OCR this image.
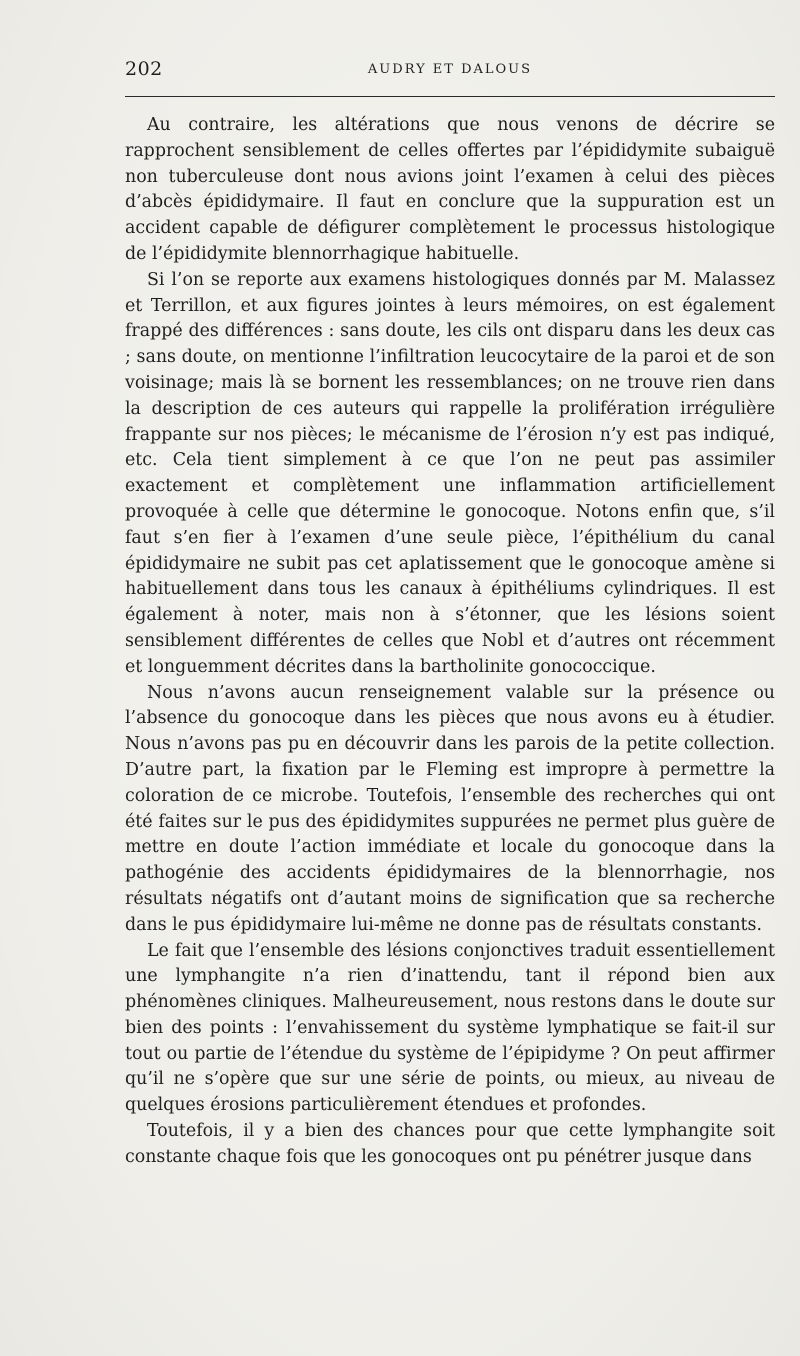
202	AUDRY ET DALOUS

Au contraire, les altérations que nous venons de décrire se rapprochent sensiblement de celles offertes par l’épididymite subaiguë non tuberculeuse dont nous avions joint l’examen à celui des pièces d’abcès épididymaire. Il faut en conclure que la suppuration est un accident capable de défigurer complètement le processus histologique de l’épididymite blennorrhagique habituelle.

Si l’on se reporte aux examens histologiques donnés par M. Malassez et Terrillon, et aux figures jointes à leurs mémoires, on est également frappé des différences : sans doute, les cils ont disparu dans les deux cas ; sans doute, on mentionne l’infiltration leucocytaire de la paroi et de son voisinage; mais là se bornent les ressemblances; on ne trouve rien dans la description de ces auteurs qui rappelle la prolifération irrégulière frappante sur nos pièces; le mécanisme de l’érosion n’y est pas indiqué, etc. Cela tient simplement à ce que l’on ne peut pas assimiler exactement et complètement une inflammation artificiellement provoquée à celle que détermine le gonocoque. Notons enfin que, s’il faut s’en fier à l’examen d’une seule pièce, l’épithélium du canal épididymaire ne subit pas cet aplatissement que le gonocoque amène si habituellement dans tous les canaux à épithéliums cylindriques. Il est également à noter, mais non à s’étonner, que les lésions soient sensiblement différentes de celles que Nobl et d’autres ont récemment et longuemment décrites dans la bartholinite gonococcique.

Nous n’avons aucun renseignement valable sur la présence ou l’absence du gonocoque dans les pièces que nous avons eu à étudier. Nous n’avons pas pu en découvrir dans les parois de la petite collection. D’autre part, la fixation par le Fleming est impropre à permettre la coloration de ce microbe. Toutefois, l’ensemble des recherches qui ont été faites sur le pus des épididymites suppurées ne permet plus guère de mettre en doute l’action immédiate et locale du gonocoque dans la pathogénie des accidents épididymaires de la blennorrhagie, nos résultats négatifs ont d’autant moins de signification que sa recherche dans le pus épididymaire lui-même ne donne pas de résultats constants.

Le fait que l’ensemble des lésions conjonctives traduit essentiellement une lymphangite n’a rien d’inattendu, tant il répond bien aux phénomènes cliniques. Malheureusement, nous restons dans le doute sur bien des points : l’envahissement du système lymphatique se fait-il sur tout ou partie de l’étendue du système de l’épipidyme ? On peut affirmer qu’il ne s’opère que sur une série de points, ou mieux, au niveau de quelques érosions particulièrement étendues et profondes.

Toutefois, il y a bien des chances pour que cette lymphangite soit constante chaque fois que les gonocoques ont pu pénétrer jusque dans
